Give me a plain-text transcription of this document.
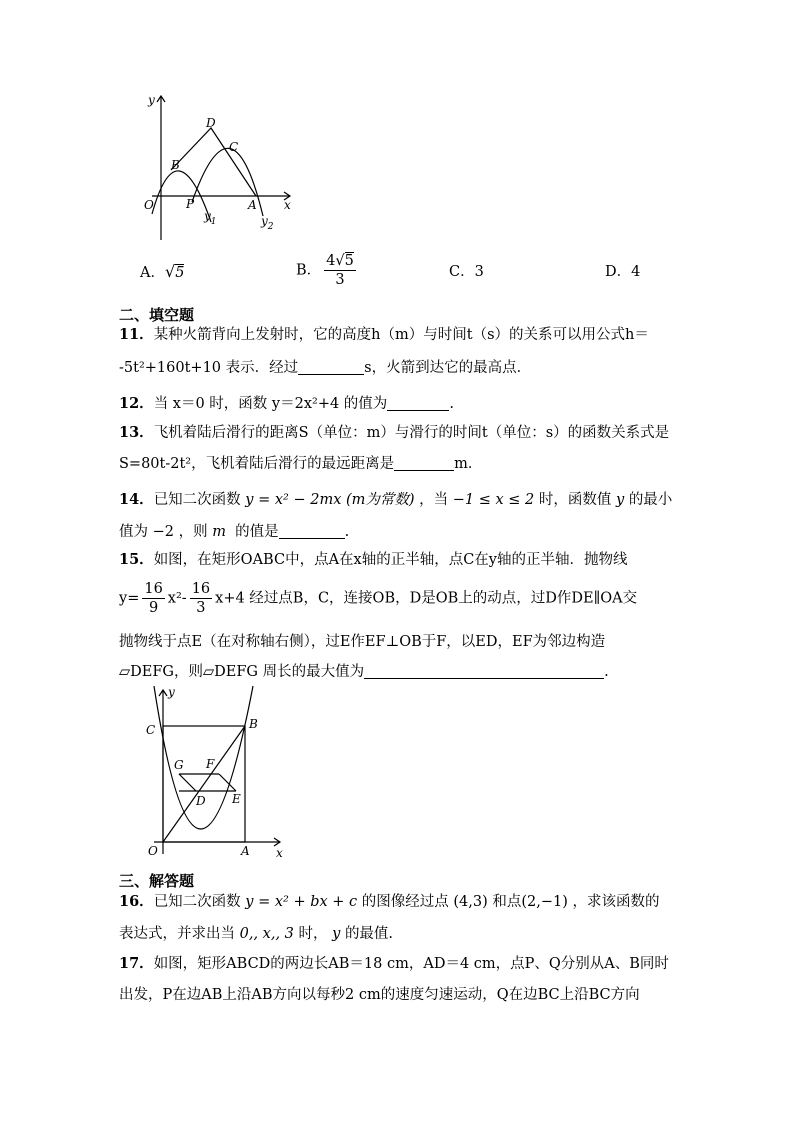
y
x
O
B
D
C
P	A
$y_1$	$y_2$
A．√5	B． $\frac{4√5}{3}$	C．3	D．4
二、填空题
11．某种火箭背向上发射时，它的高度h（m）与时间t（s）的关系可以用公式h＝
-5t²+160t+10 表示．经过	s，火箭到达它的最高点．
12．当 x＝0 时，函数 y＝2x²+4 的值为	.
13．飞机着陆后滑行的距离S（单位：m）与滑行的时间t（单位：s）的函数关系式是
S=80t-2t²，飞机着陆后滑行的最远距离是	m．
14．已知二次函数 y = x² − 2mx (m为常数) ，当 −1 ≤ x ≤ 2 时，函数值 y 的最小
值为 −2 ，则 m 的值是	.
15．如图，在矩形OABC中，点A在x轴的正半轴，点C在y轴的正半轴．抛物线
$y= \frac{16}{9} x^2- \frac{16}{3} x+4$ 经过点B，C，连接OB，D是OB上的动点，过D作DE∥OA交
抛物线于点E（在对称轴右侧），过E作EF⊥OB于F，以ED，EF为邻边构造
▱DEFG，则▱DEFG 周长的最大值为	.
y
x
O	A
B
C
G F
D E
三、解答题
16．已知二次函数 y = x² + bx + c 的图像经过点 (4,3) 和点(2,−1) ，求该函数的
表达式，并求出当 0,, x,, 3 时， y 的最值.
17．如图，矩形ABCD的两边长AB＝18 cm，AD＝4 cm，点P、Q分别从A、B同时
出发，P在边AB上沿AB方向以每秒2 cm的速度匀速运动，Q在边BC上沿BC方向
